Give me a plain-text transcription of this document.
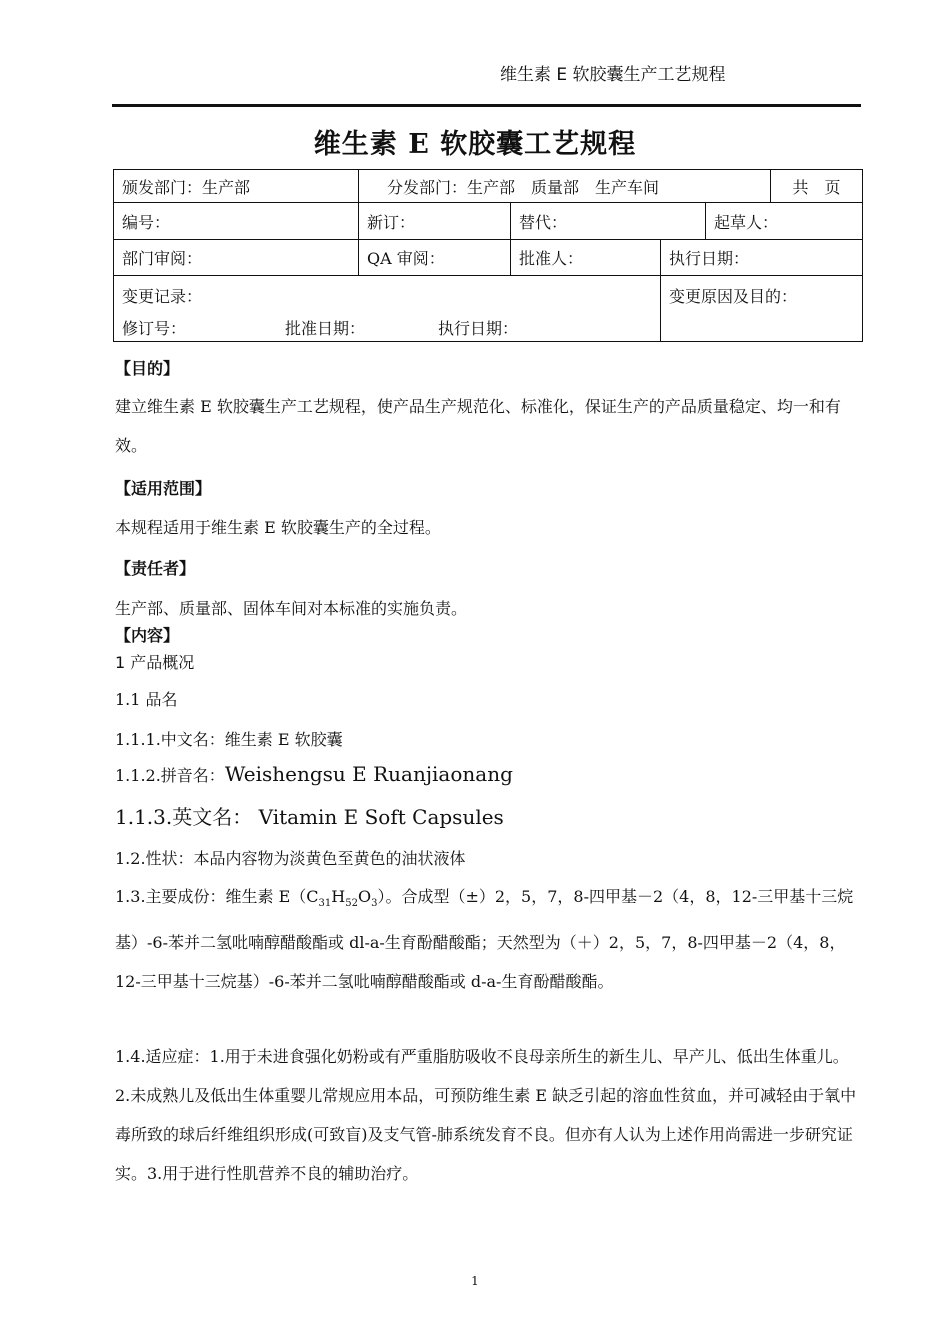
维生素 E 软胶囊生产工艺规程
维生素 E 软胶囊工艺规程
颁发部门：生产部	分发部门：生产部　质量部　生产车间	共　页
编号：	新订：	替代：	起草人：
部门审阅：	QA 审阅：	批准人：	执行日期：
变更记录：
修订号：	批准日期：	执行日期：
变更原因及目的：
【目的】
建立维生素 E 软胶囊生产工艺规程，使产品生产规范化、标准化，保证生产的产品质量稳定、均一和有效。
【适用范围】
本规程适用于维生素 E 软胶囊生产的全过程。
【责任者】
生产部、质量部、固体车间对本标准的实施负责。
【内容】
1 产品概况
1.1 品名
1.1.1.中文名：维生素 E 软胶囊
1.1.2.拼音名：Weishengsu E Ruanjiaonang
1.1.3.英文名： Vitamin E Soft Capsules
1.2.性状：本品内容物为淡黄色至黄色的油状液体
1.3.主要成份：维生素 $E(C_{31}H_{52}O_3)$。合成型（±）2，5，7，8-四甲基－2（4，8，12-三甲基十三烷基）-6-苯并二氢吡喃醇醋酸酯或 dl-a-生育酚醋酸酯；天然型为（＋）2，5，7，8-四甲基－2（4，8，12-三甲基十三烷基）-6-苯并二氢吡喃醇醋酸酯或 d-a-生育酚醋酸酯。
1.4.适应症：1.用于未进食强化奶粉或有严重脂肪吸收不良母亲所生的新生儿、早产儿、低出生体重儿。2.未成熟儿及低出生体重婴儿常规应用本品，可预防维生素 E 缺乏引起的溶血性贫血，并可减轻由于氧中毒所致的球后纤维组织形成(可致盲)及支气管-肺系统发育不良。但亦有人认为上述作用尚需进一步研究证实。3.用于进行性肌营养不良的辅助治疗。
1
